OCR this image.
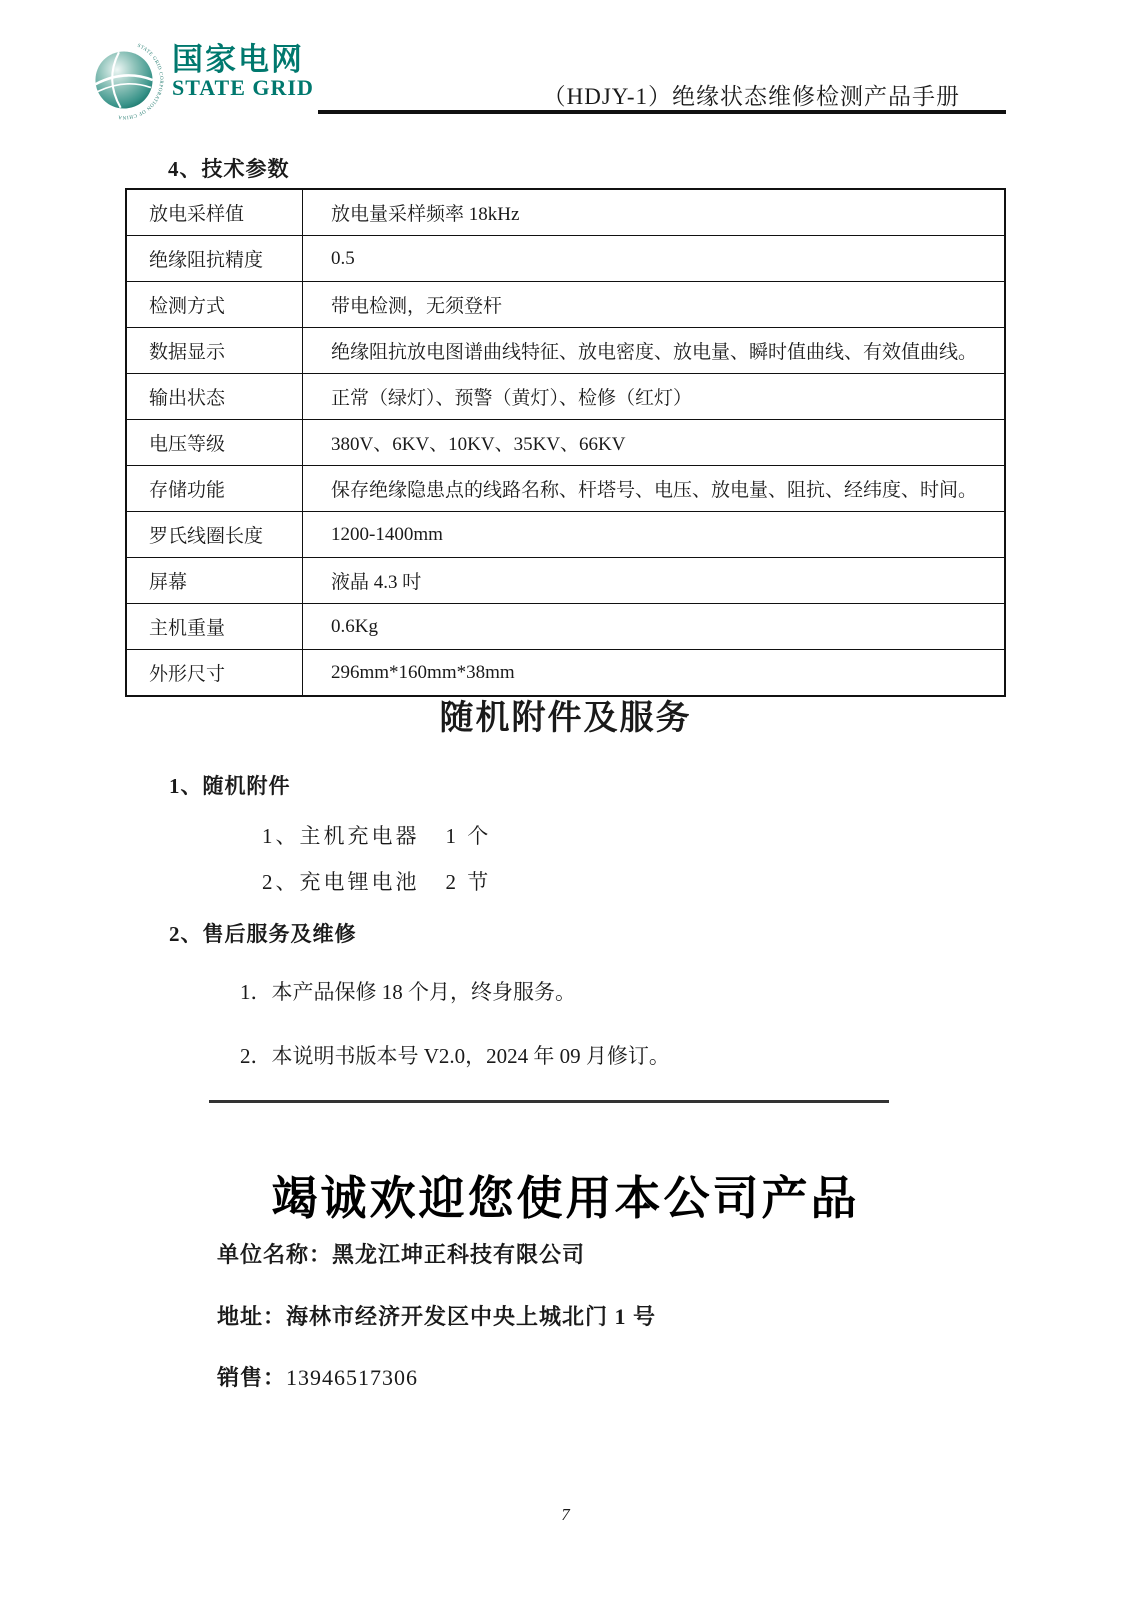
STATE GRID CORPORATION OF CHINA
国家电网
STATE GRID	（HDJY-1）绝缘状态维修检测产品手册
4、技术参数
放电采样值	放电量采样频率 18kHz
绝缘阻抗精度	0.5
检测方式	带电检测，无须登杆
数据显示	绝缘阻抗放电图谱曲线特征、放电密度、放电量、瞬时值曲线、有效值曲线。
输出状态	正常（绿灯）、预警（黄灯）、检修（红灯）
电压等级	380V、6KV、10KV、35KV、66KV
存储功能	保存绝缘隐患点的线路名称、杆塔号、电压、放电量、阻抗、经纬度、时间。
罗氏线圈长度	1200-1400mm
屏幕	液晶 4.3 吋
主机重量	0.6Kg
外形尺寸	296mm*160mm*38mm
随机附件及服务
1、随机附件
1、主机充电器 1 个
2、充电锂电池 2 节
2、售后服务及维修
1．本产品保修 18 个月，终身服务。
2．本说明书版本号 V2.0，2024 年 09 月修订。
竭诚欢迎您使用本公司产品
单位名称：黑龙江坤正科技有限公司
地址：海林市经济开发区中央上城北门 1 号
销售：13946517306
7
